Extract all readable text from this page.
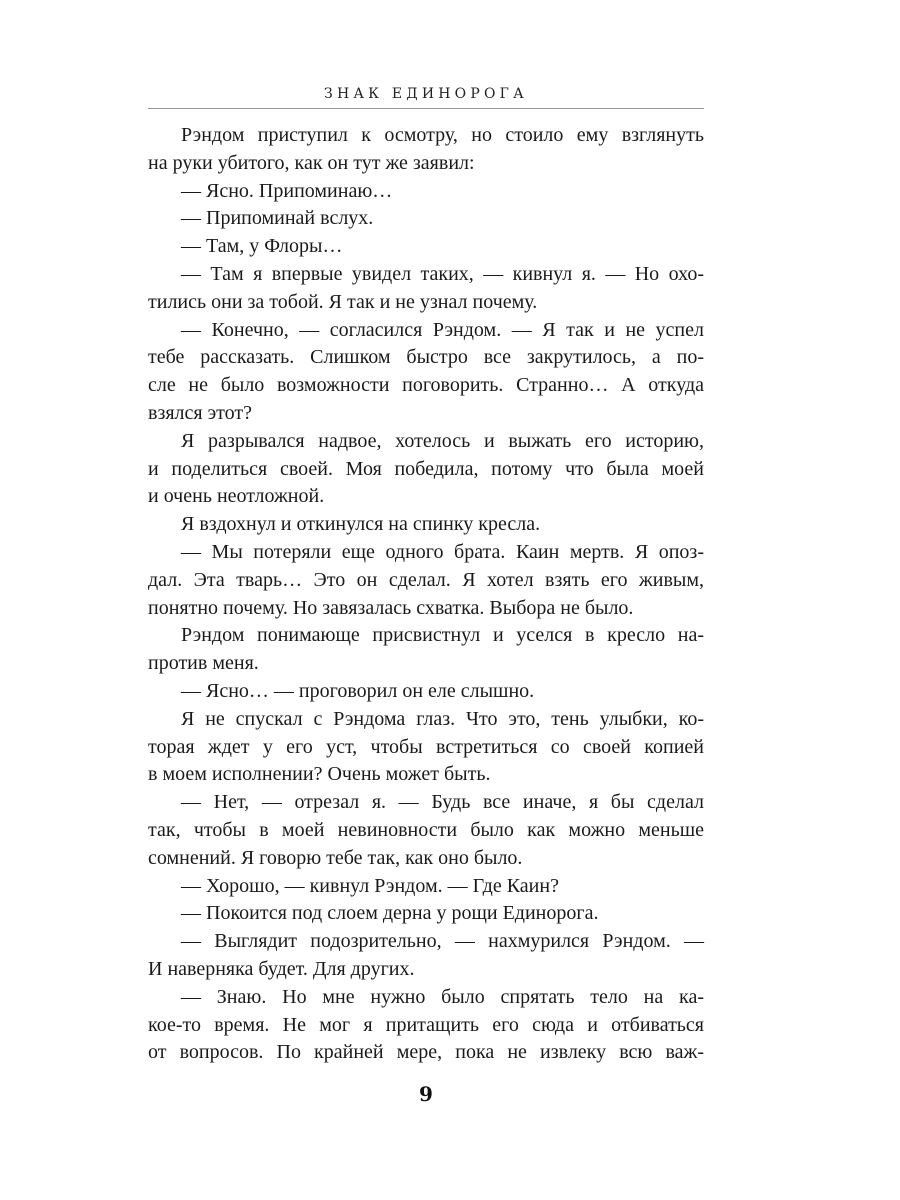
ЗНАК ЕДИНОРОГА
Рэндом приступил к осмотру, но стоило ему взглянуть
на руки убитого, как он тут же заявил:
— Ясно. Припоминаю…
— Припоминай вслух.
— Там, у Флоры…
— Там я впервые увидел таких, — кивнул я. — Но охо-
тились они за тобой. Я так и не узнал почему.
— Конечно, — согласился Рэндом. — Я так и не успел
тебе рассказать. Слишком быстро все закрутилось, а по-
сле не было возможности поговорить. Странно… А откуда
взялся этот?
Я разрывался надвое, хотелось и выжать его историю,
и поделиться своей. Моя победила, потому что была моей
и очень неотложной.
Я вздохнул и откинулся на спинку кресла.
— Мы потеряли еще одного брата. Каин мертв. Я опоз-
дал. Эта тварь… Это он сделал. Я хотел взять его живым,
понятно почему. Но завязалась схватка. Выбора не было.
Рэндом понимающе присвистнул и уселся в кресло на-
против меня.
— Ясно… — проговорил он еле слышно.
Я не спускал с Рэндома глаз. Что это, тень улыбки, ко-
торая ждет у его уст, чтобы встретиться со своей копией
в моем исполнении? Очень может быть.
— Нет, — отрезал я. — Будь все иначе, я бы сделал
так, чтобы в моей невиновности было как можно меньше
сомнений. Я говорю тебе так, как оно было.
— Хорошо, — кивнул Рэндом. — Где Каин?
— Покоится под слоем дерна у рощи Единорога.
— Выглядит подозрительно, — нахмурился Рэндом. —
И наверняка будет. Для других.
— Знаю. Но мне нужно было спрятать тело на ка-
кое-то время. Не мог я притащить его сюда и отбиваться
от вопросов. По крайней мере, пока не извлеку всю важ-
9
